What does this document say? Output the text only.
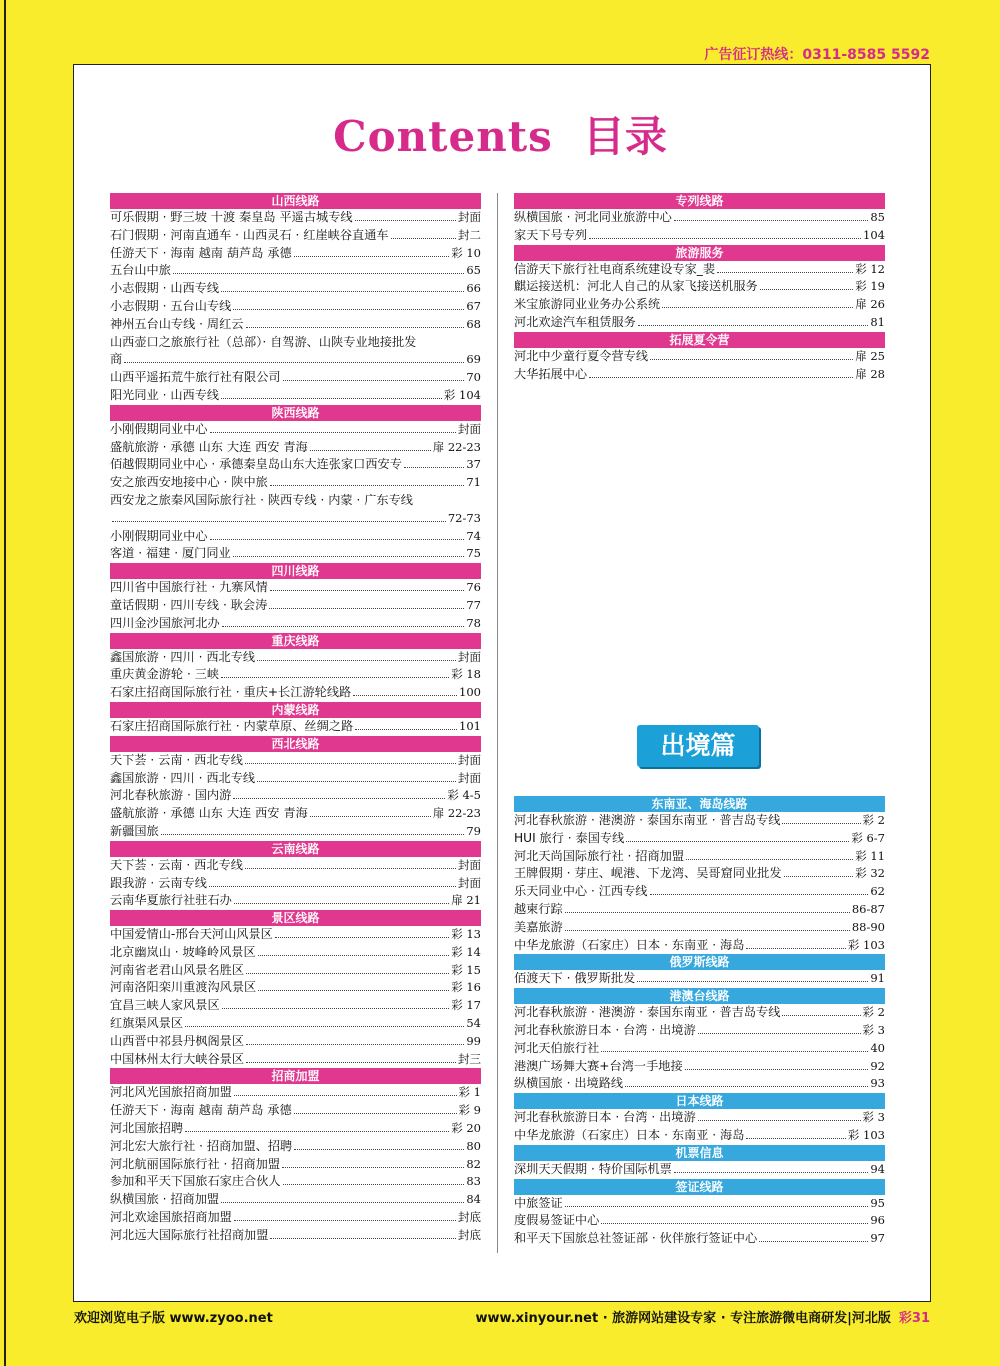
广告征订热线：0311-8585 5592
Contents 目录
山西线路
可乐假期 · 野三坡 十渡 秦皇岛 平遥古城专线	封面
石门假期 · 河南直通车 · 山西灵石 · 红崖峡谷直通车	封二
任游天下 · 海南 越南 葫芦岛 承德	彩 10
五台山中旅	65
小志假期 · 山西专线	66
小志假期 · 五台山专线	67
神州五台山专线 · 周红云	68
山西壶口之旅旅行社（总部）· 自驾游、山陕专业地接批发
商	69
山西平遥拓荒牛旅行社有限公司	70
阳光同业 · 山西专线	彩 104
陕西线路
小刚假期同业中心	封面
盛航旅游 · 承德 山东 大连 西安 青海	扉 22-23
佰越假期同业中心 · 承德秦皇岛山东大连张家口西安专	37
安之旅西安地接中心 · 陕中旅	71
西安龙之旅秦风国际旅行社 · 陕西专线 · 内蒙 · 广东专线
72-73
小刚假期同业中心	74
客道 · 福建 · 厦门同业	75
四川线路
四川省中国旅行社 · 九寨风情	76
童话假期 · 四川专线 · 耿会涛	77
四川金沙国旅河北办	78
重庆线路
鑫国旅游 · 四川 · 西北专线	封面
重庆黄金游轮 · 三峡	彩 18
石家庄招商国际旅行社 · 重庆+长江游轮线路	100
内蒙线路
石家庄招商国际旅行社 · 内蒙草原、丝绸之路	101
西北线路
天下荟 · 云南 · 西北专线	封面
鑫国旅游 · 四川 · 西北专线	封面
河北春秋旅游 · 国内游	彩 4-5
盛航旅游 · 承德 山东 大连 西安 青海	扉 22-23
新疆国旅	79
云南线路
天下荟 · 云南 · 西北专线	封面
跟我游 · 云南专线	封面
云南华夏旅行社驻石办	扉 21
景区线路
中国爱情山-邢台天河山风景区	彩 13
北京幽岚山 · 坡峰岭风景区	彩 14
河南省老君山风景名胜区	彩 15
河南洛阳栾川重渡沟风景区	彩 16
宜昌三峡人家风景区	彩 17
红旗渠风景区	54
山西晋中祁县丹枫阁景区	99
中国林州太行大峡谷景区	封三
招商加盟
河北风光国旅招商加盟	彩 1
任游天下 · 海南 越南 葫芦岛 承德	彩 9
河北国旅招聘	彩 20
河北宏大旅行社 · 招商加盟、招聘	80
河北航丽国际旅行社 · 招商加盟	82
参加和平天下国旅石家庄合伙人	83
纵横国旅 · 招商加盟	84
河北欢途国旅招商加盟	封底
河北远大国际旅行社招商加盟	封底
专列线路
纵横国旅 · 河北同业旅游中心	85
家天下号专列	104
旅游服务
信游天下旅行社电商系统建设专家_裴	彩 12
麒运接送机：河北人自己的从家飞接送机服务	彩 19
米宝旅游同业业务办公系统	扉 26
河北欢途汽车租赁服务	81
拓展夏令营
河北中少童行夏令营专线	扉 25
大华拓展中心	扉 28
出境篇
东南亚、海岛线路
河北春秋旅游 · 港澳游 · 泰国东南亚 · 普吉岛专线	彩 2
HUI 旅行 · 泰国专线	彩 6-7
河北天尚国际旅行社 · 招商加盟	彩 11
王牌假期 · 芽庄、岘港、下龙湾、吴哥窟同业批发	彩 32
乐天同业中心 · 江西专线	62
越柬行踪	86-87
美嘉旅游	88-90
中华龙旅游（石家庄）日本 · 东南亚 · 海岛	彩 103
俄罗斯线路
佰渡天下 · 俄罗斯批发	91
港澳台线路
河北春秋旅游 · 港澳游 · 泰国东南亚 · 普吉岛专线	彩 2
河北春秋旅游日本 · 台湾 · 出境游	彩 3
河北天伯旅行社	40
港澳广场舞大赛+台湾一手地接	92
纵横国旅 · 出境路线	93
日本线路
河北春秋旅游日本 · 台湾 · 出境游	彩 3
中华龙旅游（石家庄）日本 · 东南亚 · 海岛	彩 103
机票信息
深圳天天假期 · 特价国际机票	94
签证线路
中旅签证	95
度假易签证中心	96
和平天下国旅总社签证部 · 伙伴旅行签证中心	97
欢迎浏览电子版 www.zyoo.net	www.xinyour.net · 旅游网站建设专家 · 专注旅游微电商研发|河北版 彩31
